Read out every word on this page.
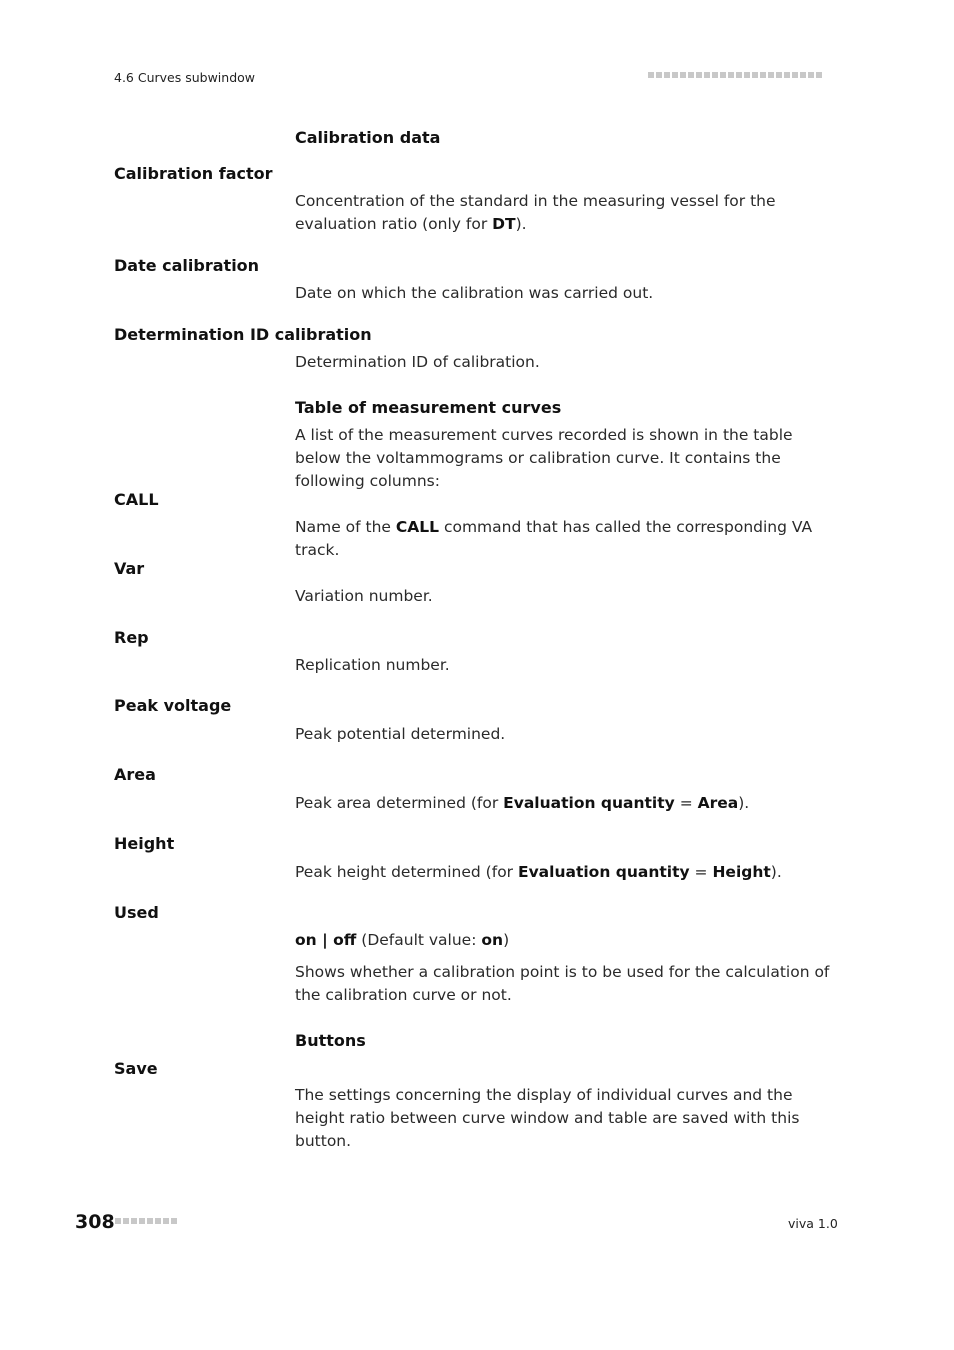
4.6 Curves subwindow
Calibration data
Calibration factor
Concentration of the standard in the measuring vessel for the evaluation ratio (only for DT).
Date calibration
Date on which the calibration was carried out.
Determination ID calibration
Determination ID of calibration.
Table of measurement curves
A list of the measurement curves recorded is shown in the table below the voltammograms or calibration curve. It contains the following columns:
CALL
Name of the CALL command that has called the corresponding VA track.
Var
Variation number.
Rep
Replication number.
Peak voltage
Peak potential determined.
Area
Peak area determined (for Evaluation quantity = Area).
Height
Peak height determined (for Evaluation quantity = Height).
Used
on | off (Default value: on)
Shows whether a calibration point is to be used for the calculation of the calibration curve or not.
Buttons
Save
The settings concerning the display of individual curves and the height ratio between curve window and table are saved with this button.
308	viva 1.0
